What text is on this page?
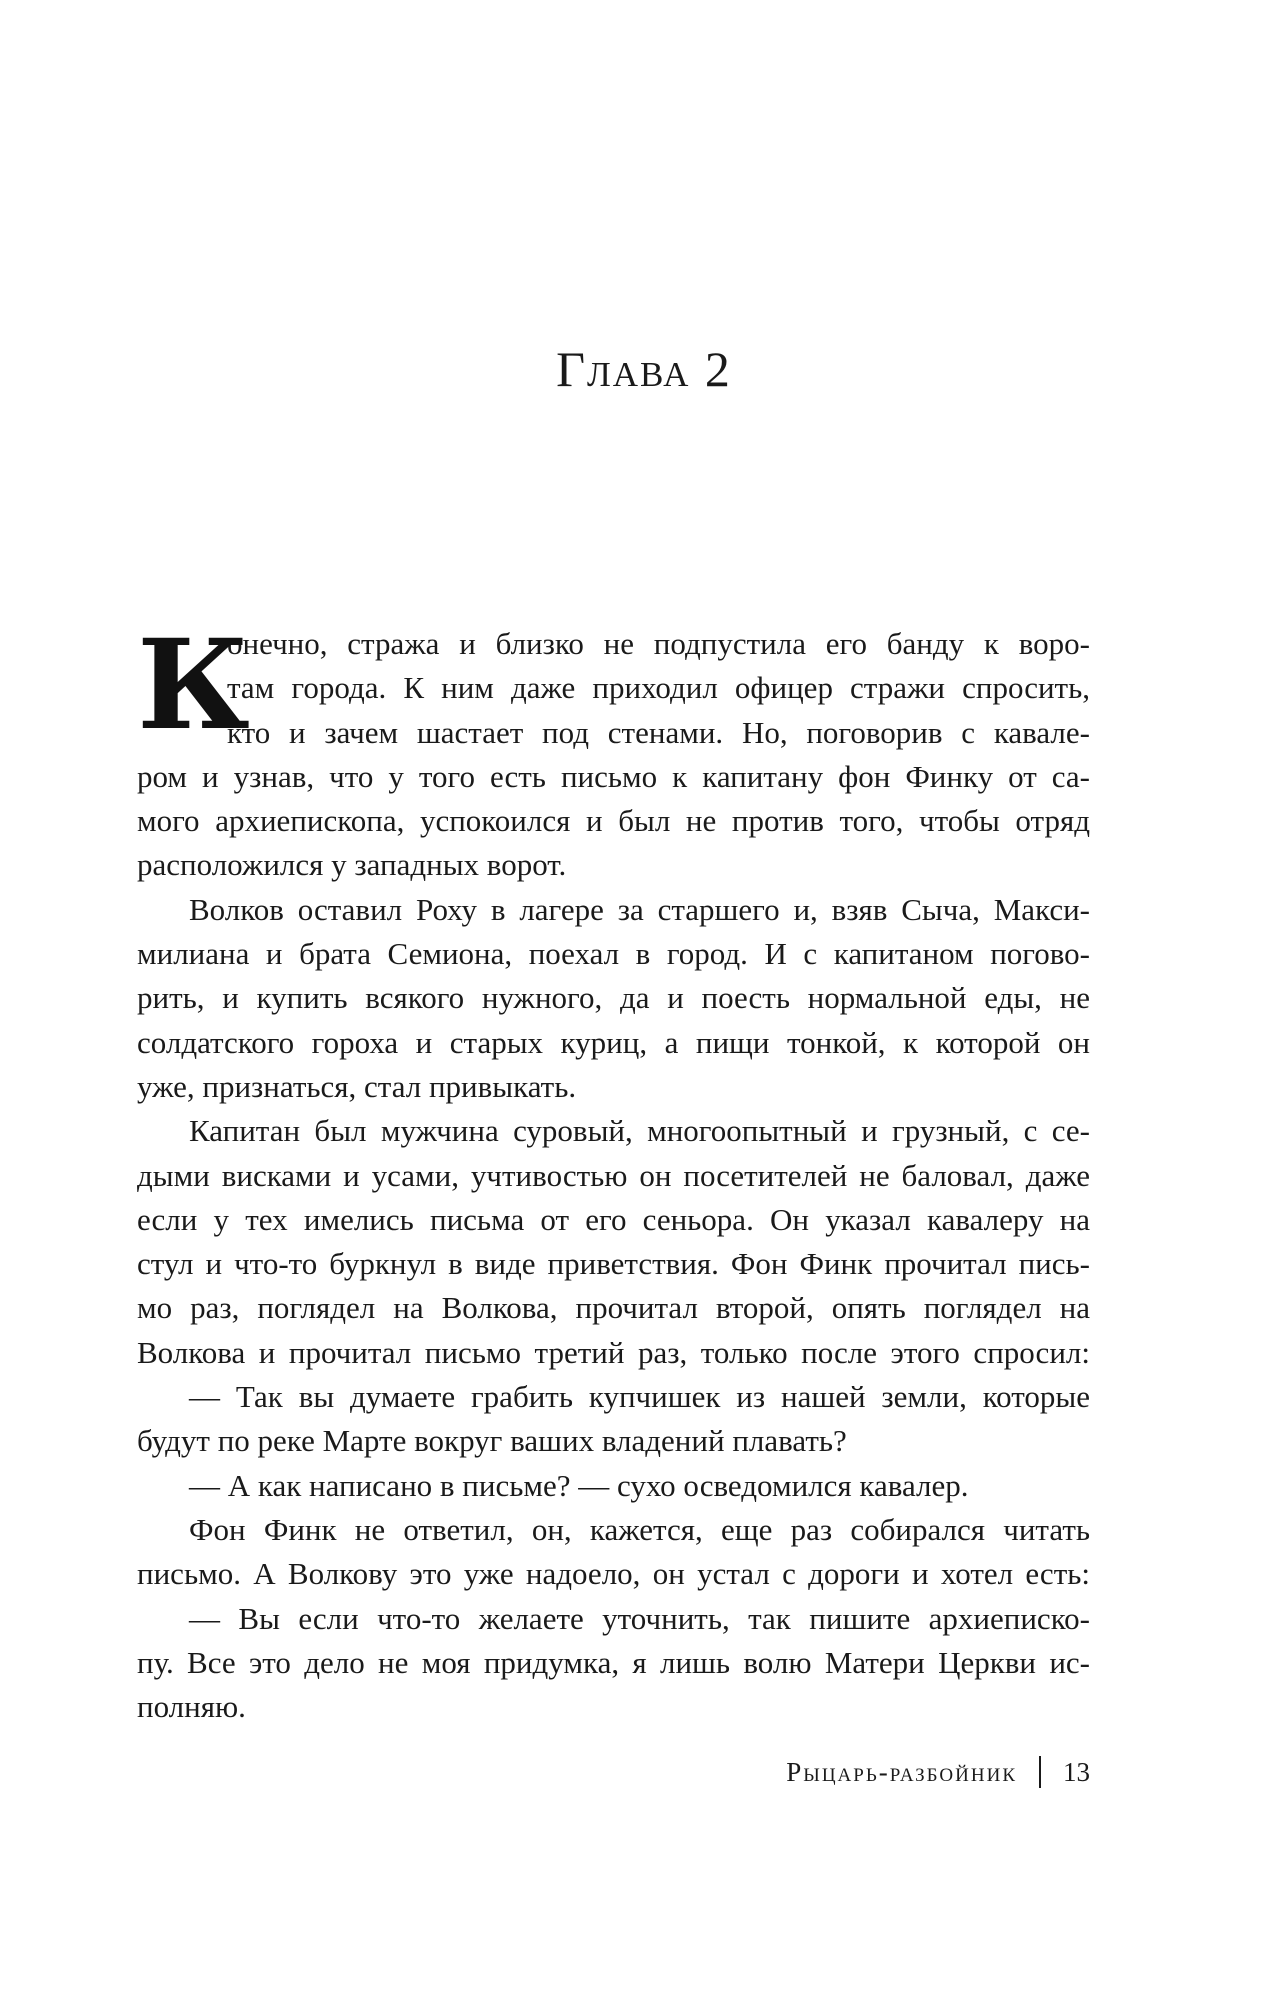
Глава 2
К
онечно, стража и близко не подпустила его банду к воро-
там города. К ним даже приходил офицер стражи спросить,
кто и зачем шастает под стенами. Но, поговорив с кавале-
ром и узнав, что у того есть письмо к капитану фон Финку от са-
мого архиепископа, успокоился и был не против того, чтобы отряд
расположился у западных ворот.
Волков оставил Роху в лагере за старшего и, взяв Сыча, Макси-
милиана и брата Семиона, поехал в город. И с капитаном погово-
рить, и купить всякого нужного, да и поесть нормальной еды, не
солдатского гороха и старых куриц, а пищи тонкой, к которой он
уже, признаться, стал привыкать.
Капитан был мужчина суровый, многоопытный и грузный, с се-
дыми висками и усами, учтивостью он посетителей не баловал, даже
если у тех имелись письма от его сеньора. Он указал кавалеру на
стул и что-то буркнул в виде приветствия. Фон Финк прочитал пись-
мо раз, поглядел на Волкова, прочитал второй, опять поглядел на
Волкова и прочитал письмо третий раз, только после этого спросил:
— Так вы думаете грабить купчишек из нашей земли, которые
будут по реке Марте вокруг ваших владений плавать?
— А как написано в письме? — сухо осведомился кавалер.
Фон Финк не ответил, он, кажется, еще раз собирался читать
письмо. А Волкову это уже надоело, он устал с дороги и хотел есть:
— Вы если что-то желаете уточнить, так пишите архиеписко-
пу. Все это дело не моя придумка, я лишь волю Матери Церкви ис-
полняю.
Рыцарь-разбойник 13
